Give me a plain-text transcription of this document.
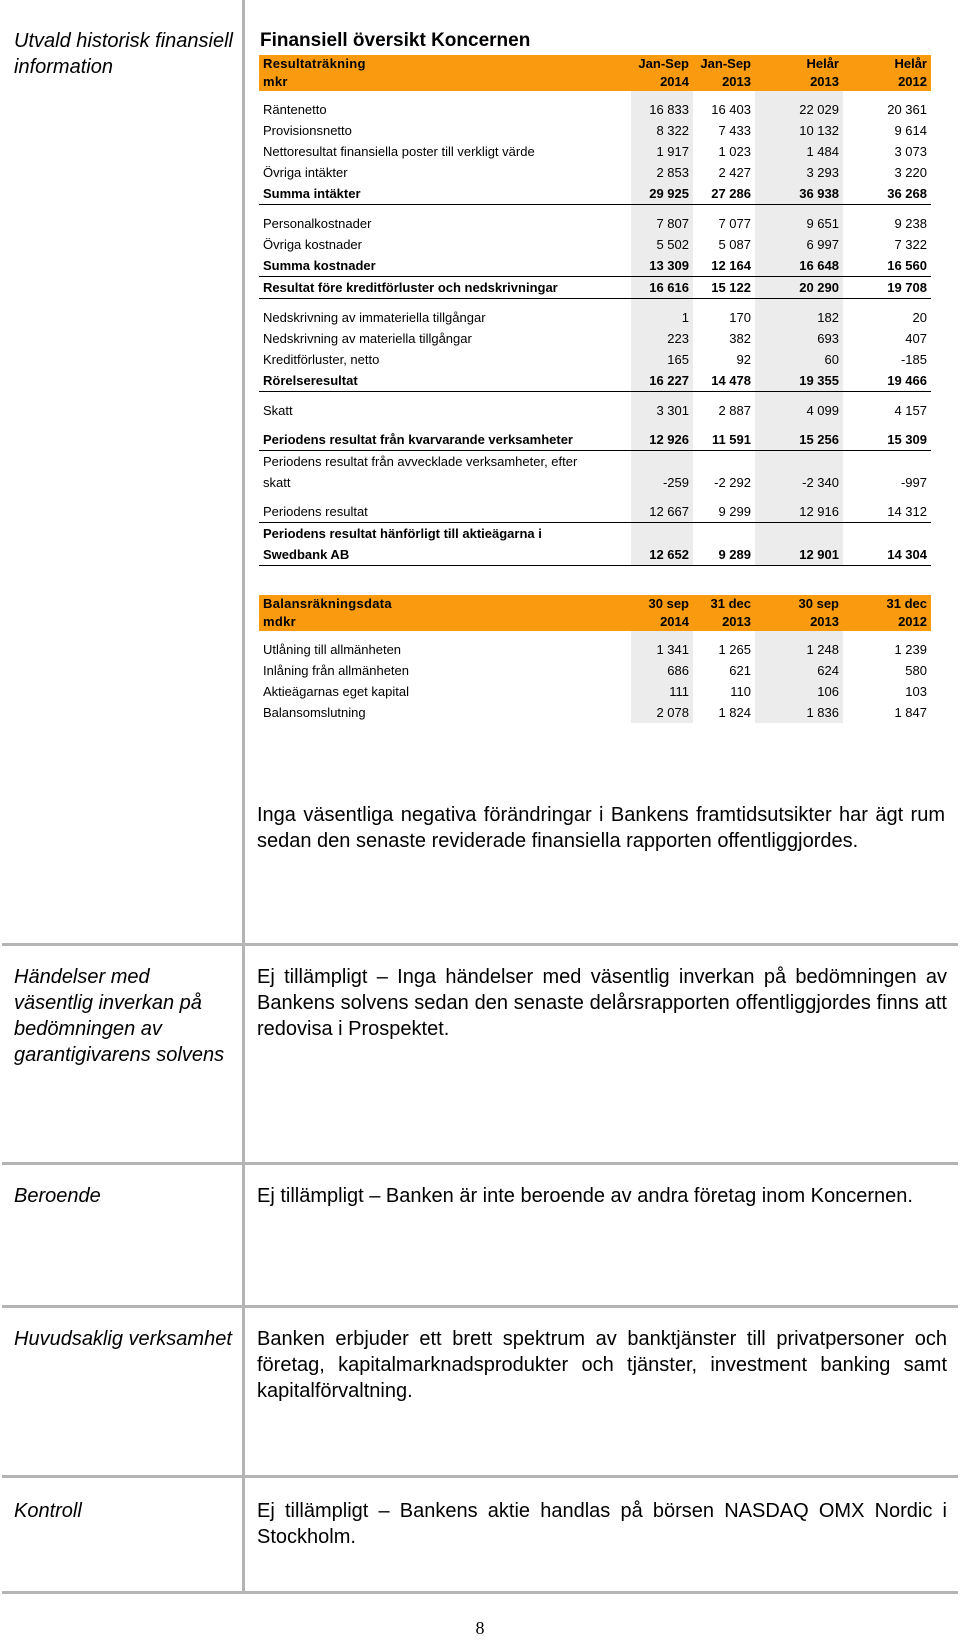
Utvald historisk finansiell information
Finansiell översikt Koncernen
Resultaträkning	Jan-Sep	Jan-Sep	Helår	Helår
mkr	2014	2013	2013	2012

Räntenetto	16 833	16 403	22 029	20 361
Provisionsnetto	8 322	7 433	10 132	9 614
Nettoresultat finansiella poster till verkligt värde	1 917	1 023	1 484	3 073
Övriga intäkter	2 853	2 427	3 293	3 220
Summa intäkter	29 925	27 286	36 938	36 268

Personalkostnader	7 807	7 077	9 651	9 238
Övriga kostnader	5 502	5 087	6 997	7 322
Summa kostnader	13 309	12 164	16 648	16 560
Resultat före kreditförluster och nedskrivningar	16 616	15 122	20 290	19 708

Nedskrivning av immateriella tillgångar	1	170	182	20
Nedskrivning av materiella tillgångar	223	382	693	407
Kreditförluster, netto	165	92	60	-185
Rörelseresultat	16 227	14 478	19 355	19 466

Skatt	3 301	2 887	4 099	4 157

Periodens resultat från kvarvarande verksamheter	12 926	11 591	15 256	15 309
Periodens resultat från avvecklade verksamheter, efter				
skatt	-259	-2 292	-2 340	-997

Periodens resultat	12 667	9 299	12 916	14 312
Periodens resultat hänförligt till aktieägarna i				
Swedbank AB	12 652	9 289	12 901	14 304
Balansräkningsdata	30 sep	31 dec	30 sep	31 dec
mdkr	2014	2013	2013	2012

Utlåning till allmänheten	1 341	1 265	1 248	1 239
Inlåning från allmänheten	686	621	624	580
Aktieägarnas eget kapital	111	110	106	103
Balansomslutning	2 078	1 824	1 836	1 847
Inga väsentliga negativa förändringar i Bankens framtidsutsikter har ägt rum sedan den senaste reviderade finansiella rapporten offentliggjordes.
Händelser med väsentlig inverkan på bedömningen av garantigivarens solvens
Ej tillämpligt – Inga händelser med väsentlig inverkan på bedömningen av Bankens solvens sedan den senaste delårsrapporten offentliggjordes finns att redovisa i Prospektet.
Beroende	Ej tillämpligt – Banken är inte beroende av andra företag inom Koncernen.
Huvudsaklig verksamhet Banken erbjuder ett brett spektrum av banktjänster till privatpersoner och företag, kapitalmarknadsprodukter och tjänster, investment banking samt kapitalförvaltning.
Kontroll	Ej tillämpligt – Bankens aktie handlas på börsen NASDAQ OMX Nordic i Stockholm.
8
